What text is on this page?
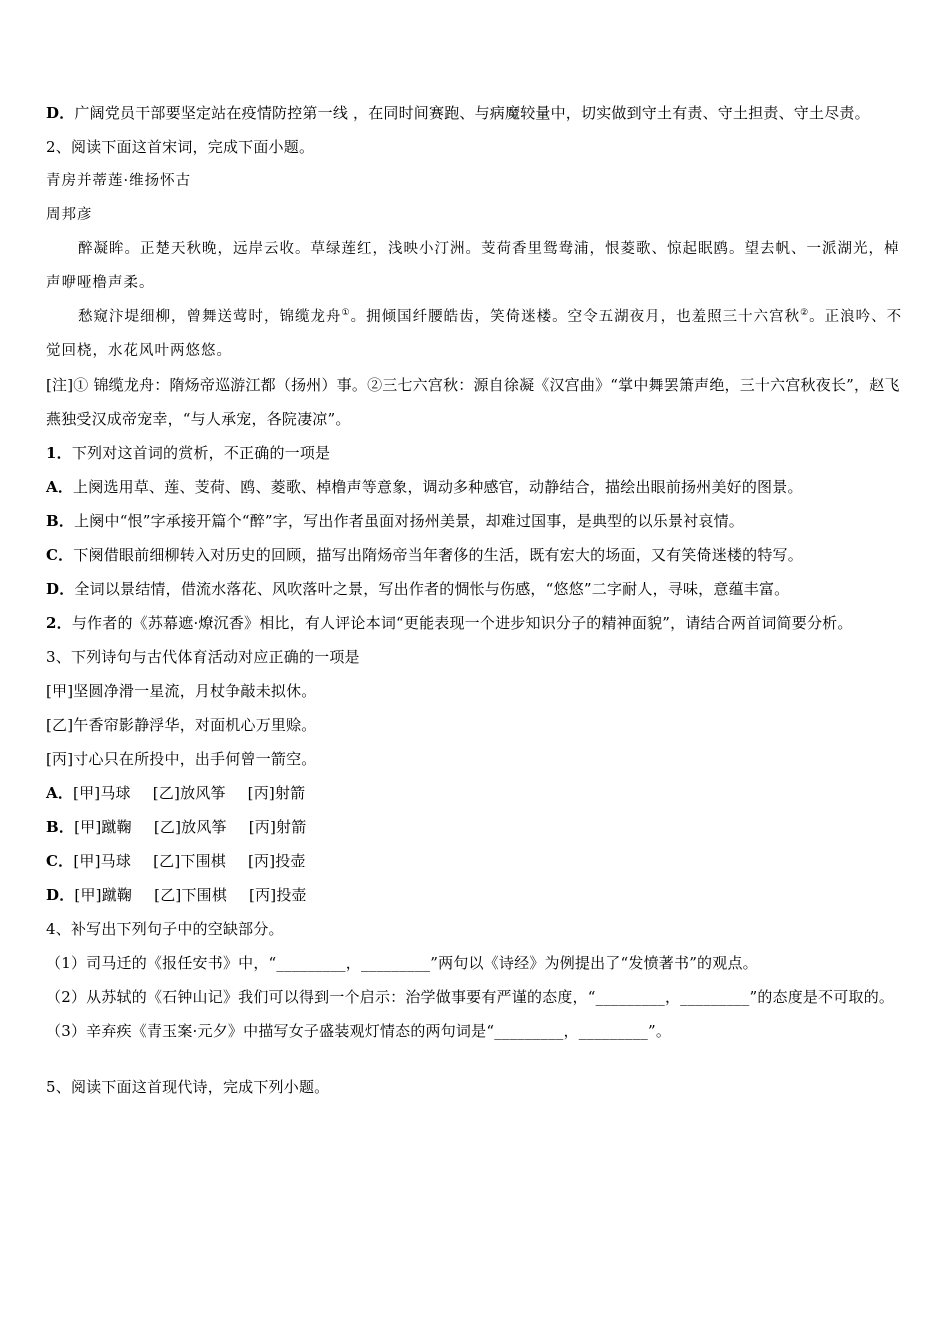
D．广阔党员干部要坚定站在疫情防控第一线 ，在同时间赛跑、与病魔较量中，切实做到守土有责、守土担责、守土尽责。
2、阅读下面这首宋词，完成下面小题。
青房并蒂莲·维扬怀古
周邦彦
醉凝眸。正楚天秋晚，远岸云收。草绿莲红，浅映小汀洲。芰荷香里鸳鸯浦，恨菱歌、惊起眠鸥。望去帆、一派湖光，棹声咿哑橹声柔。
愁窥汴堤细柳，曾舞送莺时，锦缆龙舟①。拥倾国纤腰皓齿，笑倚迷楼。空令五湖夜月，也羞照三十六宫秋②。正浪吟、不觉回桡，水花风叶两悠悠。
[注]① 锦缆龙舟：隋炀帝巡游江都（扬州）事。②三七六宫秋：源自徐凝《汉宫曲》“掌中舞罢箫声绝，三十六宫秋夜长”，赵飞燕独受汉成帝宠幸，“与人承宠，各院凄凉”。
1．下列对这首词的赏析，不正确的一项是
A．上阕选用草、莲、芰荷、鸥、菱歌、棹橹声等意象，调动多种感官，动静结合，描绘出眼前扬州美好的图景。
B．上阕中“恨”字承接开篇个“醉”字，写出作者虽面对扬州美景，却难过国事，是典型的以乐景衬哀情。
C．下阕借眼前细柳转入对历史的回顾，描写出隋炀帝当年奢侈的生活，既有宏大的场面，又有笑倚迷楼的特写。
D．全词以景结情，借流水落花、风吹落叶之景，写出作者的惆怅与伤感，“悠悠”二字耐人，寻味，意蕴丰富。
2．与作者的《苏幕遮·燎沉香》相比，有人评论本词“更能表现一个进步知识分子的精神面貌”，请结合两首词简要分析。
3、下列诗句与古代体育活动对应正确的一项是
[甲]坚圆净滑一星流，月杖争敲未拟休。
[乙]午香帘影静浮华，对面机心万里赊。
[丙]寸心只在所投中，出手何曾一箭空。
A．[甲]马球 [乙]放风筝 [丙]射箭
B．[甲]蹴鞠 [乙]放风筝 [丙]射箭
C．[甲]马球 [乙]下围棋 [丙]投壶
D．[甲]蹴鞠 [乙]下围棋 [丙]投壶
4、补写出下列句子中的空缺部分。
（1）司马迁的《报任安书》中，“_________，_________”两句以《诗经》为例提出了“发愤著书”的观点。
（2）从苏轼的《石钟山记》我们可以得到一个启示：治学做事要有严谨的态度，“_________，_________”的态度是不可取的。
（3）辛弃疾《青玉案·元夕》中描写女子盛装观灯情态的两句词是“_________，_________”。
5、阅读下面这首现代诗，完成下列小题。
